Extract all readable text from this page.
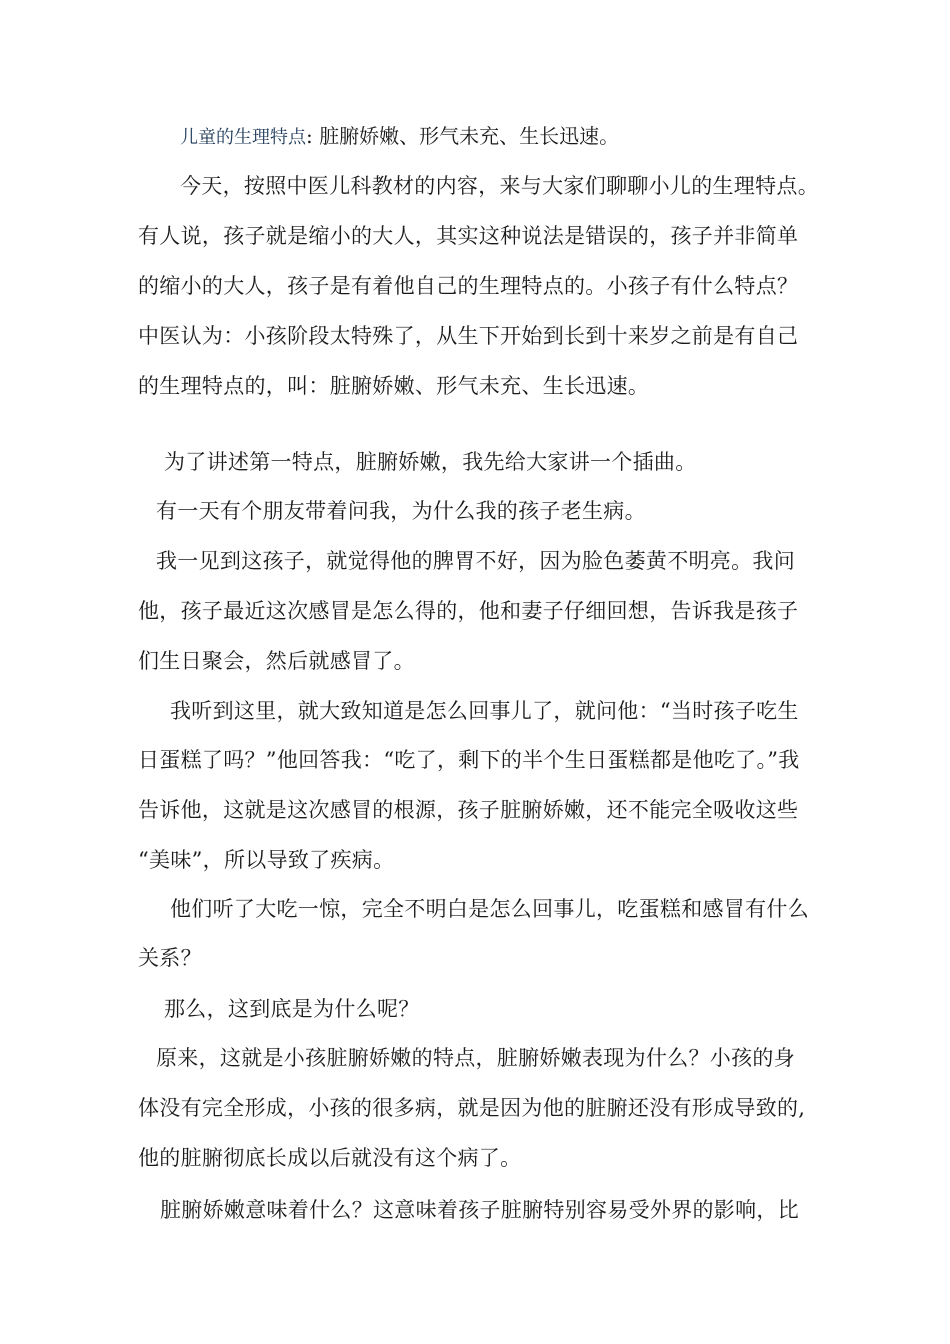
儿童的生理特点: 脏腑娇嫩、形气未充、生长迅速。
今天，按照中医儿科教材的内容，来与大家们聊聊小儿的生理特点。
有人说，孩子就是缩小的大人，其实这种说法是错误的，孩子并非简单
的缩小的大人，孩子是有着他自己的生理特点的。小孩子有什么特点？
中医认为：小孩阶段太特殊了，从生下开始到长到十来岁之前是有自己
的生理特点的，叫：脏腑娇嫩、形气未充、生长迅速。
为了讲述第一特点，脏腑娇嫩，我先给大家讲一个插曲。
有一天有个朋友带着问我，为什么我的孩子老生病。
我一见到这孩子，就觉得他的脾胃不好，因为脸色萎黄不明亮。我问
他，孩子最近这次感冒是怎么得的，他和妻子仔细回想，告诉我是孩子
们生日聚会，然后就感冒了。
我听到这里，就大致知道是怎么回事儿了，就问他：“当时孩子吃生
日蛋糕了吗？”他回答我：“吃了，剩下的半个生日蛋糕都是他吃了。”我
告诉他，这就是这次感冒的根源，孩子脏腑娇嫩，还不能完全吸收这些
“美味”，所以导致了疾病。
他们听了大吃一惊，完全不明白是怎么回事儿，吃蛋糕和感冒有什么
关系？
那么，这到底是为什么呢？
原来，这就是小孩脏腑娇嫩的特点，脏腑娇嫩表现为什么？小孩的身
体没有完全形成，小孩的很多病，就是因为他的脏腑还没有形成导致的,
他的脏腑彻底长成以后就没有这个病了。
脏腑娇嫩意味着什么？这意味着孩子脏腑特别容易受外界的影响，比
